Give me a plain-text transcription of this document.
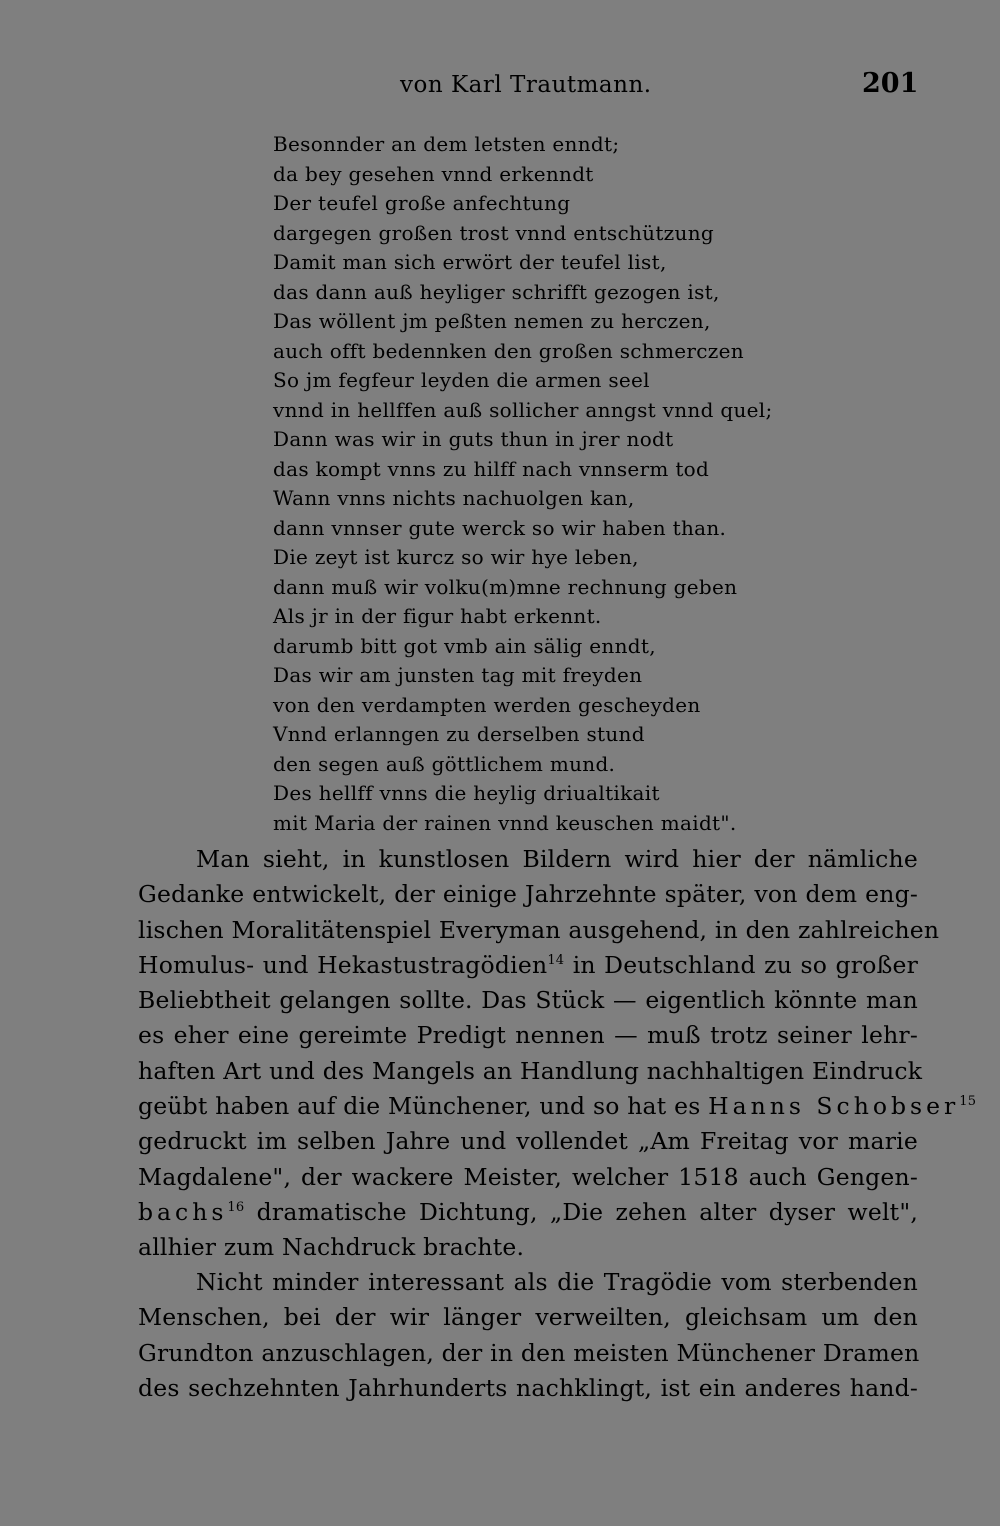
von Karl Trautmann.	201
Besonnder an dem letsten enndt;
da bey gesehen vnnd erkenndt
Der teufel große anfechtung
dargegen großen trost vnnd entschützung
Damit man sich erwört der teufel list,
das dann auß heyliger schrifft gezogen ist,
Das wöllent jm peßten nemen zu herczen,
auch offt bedennken den großen schmerczen
So jm fegfeur leyden die armen seel
vnnd in hellffen auß sollicher anngst vnnd quel;
Dann was wir in guts thun in jrer nodt
das kompt vnns zu hilff nach vnnserm tod
Wann vnns nichts nachuolgen kan,
dann vnnser gute werck so wir haben than.
Die zeyt ist kurcz so wir hye leben,
dann muß wir volku(m)mne rechnung geben
Als jr in der figur habt erkennt.
darumb bitt got vmb ain sälig enndt,
Das wir am junsten tag mit freyden
von den verdampten werden gescheyden
Vnnd erlanngen zu derselben stund
den segen auß göttlichem mund.
Des hellff vnns die heylig driualtikait
mit Maria der rainen vnnd keuschen maidt".
Man sieht, in kunstlosen Bildern wird hier der nämliche
Gedanke entwickelt, der einige Jahrzehnte später, von dem eng-
lischen Moralitätenspiel Everyman ausgehend, in den zahlreichen
Homulus- und Hekastustragödien$^{14}$ in Deutschland zu so großer
Beliebtheit gelangen sollte. Das Stück — eigentlich könnte man
es eher eine gereimte Predigt nennen — muß trotz seiner lehr-
haften Art und des Mangels an Handlung nachhaltigen Eindruck
geübt haben auf die Münchener, und so hat es Hanns Schobser$^{15}$
gedruckt im selben Jahre und vollendet „Am Freitag vor marie
Magdalene", der wackere Meister, welcher 1518 auch Gengen-
bachs$^{16}$ dramatische Dichtung, „Die zehen alter dyser welt",
allhier zum Nachdruck brachte.
Nicht minder interessant als die Tragödie vom sterbenden
Menschen, bei der wir länger verweilten, gleichsam um den
Grundton anzuschlagen, der in den meisten Münchener Dramen
des sechzehnten Jahrhunderts nachklingt, ist ein anderes hand-
